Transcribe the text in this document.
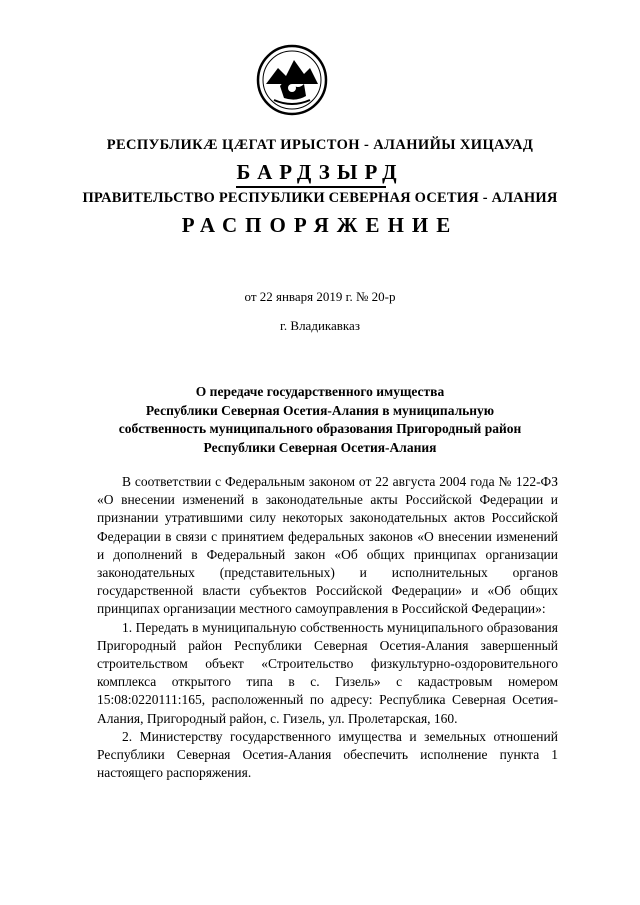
РЕСПУБЛИКӔ ЦӔГАТ ИРЫСТОН - АЛАНИЙЫ ХИЦАУАД
БАРДЗЫРД
ПРАВИТЕЛЬСТВО РЕСПУБЛИКИ СЕВЕРНАЯ ОСЕТИЯ - АЛАНИЯ
РАСПОРЯЖЕНИЕ
от 22 января 2019 г. № 20-р
г. Владикавказ
О передаче государственного имущества
Республики Северная Осетия-Алания в муниципальную
собственность муниципального образования Пригородный район
Республики Северная Осетия-Алания

В соответствии с Федеральным законом от 22 августа 2004 года № 122-ФЗ «О внесении изменений в законодательные акты Российской Федерации и признании утратившими силу некоторых законодательных актов Российской Федерации в связи с принятием федеральных законов «О внесении изменений и дополнений в Федеральный закон «Об общих принципах организации законодательных (представительных) и исполнительных органов государственной власти субъектов Российской Федерации» и «Об общих принципах организации местного самоуправления в Российской Федерации»:

1. Передать в муниципальную собственность муниципального образования Пригородный район Республики Северная Осетия-Алания завершенный строительством объект «Строительство физкультурно-оздоровительного комплекса открытого типа в с. Гизель» с кадастровым номером 15:08:0220111:165, расположенный по адресу: Республика Северная Осетия-Алания, Пригородный район, с. Гизель, ул. Пролетарская, 160.

2. Министерству государственного имущества и земельных отношений Республики Северная Осетия-Алания обеспечить исполнение пункта 1 настоящего распоряжения.
